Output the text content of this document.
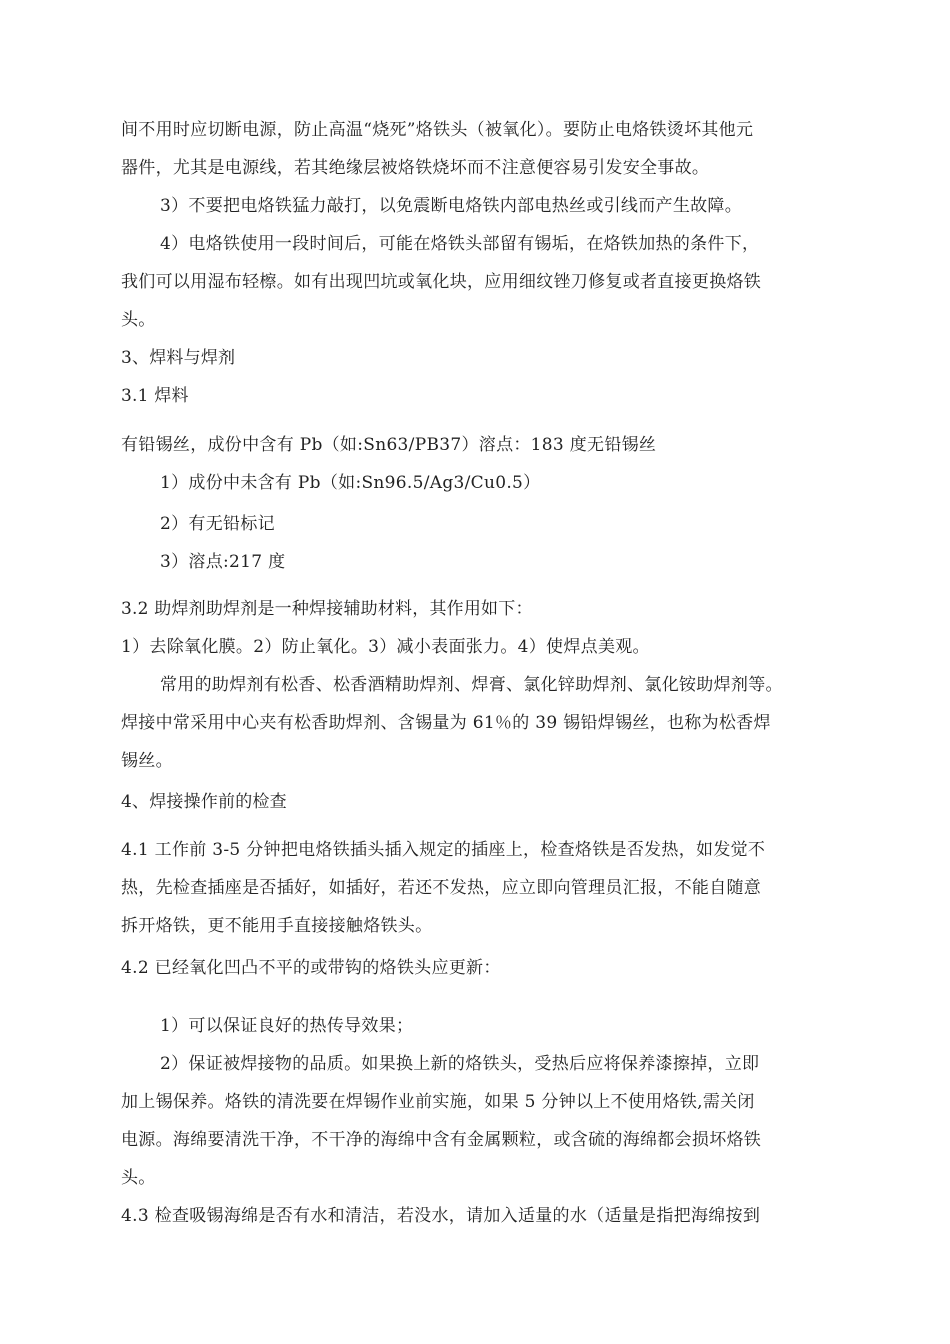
间不用时应切断电源，防止高温“烧死”烙铁头（被氧化）。要防止电烙铁烫坏其他元
器件，尤其是电源线，若其绝缘层被烙铁烧坏而不注意便容易引发安全事故。
3）不要把电烙铁猛力敲打，以免震断电烙铁内部电热丝或引线而产生故障。
4）电烙铁使用一段时间后，可能在烙铁头部留有锡垢，在烙铁加热的条件下，
我们可以用湿布轻檫。如有出现凹坑或氧化块，应用细纹锉刀修复或者直接更换烙铁
头。
3、焊料与焊剂
3.1 焊料
有铅锡丝，成份中含有 Pb（如:Sn63/PB37）溶点：183 度无铅锡丝
1）成份中未含有 Pb（如:Sn96.5/Ag3/Cu0.5）
2）有无铅标记
3）溶点:217 度
3.2 助焊剂助焊剂是一种焊接辅助材料，其作用如下：
1）去除氧化膜。2）防止氧化。3）减小表面张力。4）使焊点美观。
常用的助焊剂有松香、松香酒精助焊剂、焊膏、氯化锌助焊剂、氯化铵助焊剂等。
焊接中常采用中心夹有松香助焊剂、含锡量为 61％的 39 锡铅焊锡丝，也称为松香焊
锡丝。
4、焊接操作前的检查
4.1 工作前 3-5 分钟把电烙铁插头插入规定的插座上，检查烙铁是否发热，如发觉不
热，先检查插座是否插好，如插好，若还不发热，应立即向管理员汇报，不能自随意
拆开烙铁，更不能用手直接接触烙铁头。
4.2 已经氧化凹凸不平的或带钩的烙铁头应更新：
1）可以保证良好的热传导效果；
2）保证被焊接物的品质。如果换上新的烙铁头，受热后应将保养漆擦掉，立即
加上锡保养。烙铁的清洗要在焊锡作业前实施，如果 5 分钟以上不使用烙铁,需关闭
电源。海绵要清洗干净，不干净的海绵中含有金属颗粒，或含硫的海绵都会损坏烙铁
头。
4.3 检查吸锡海绵是否有水和清洁，若没水，请加入适量的水（适量是指把海绵按到
